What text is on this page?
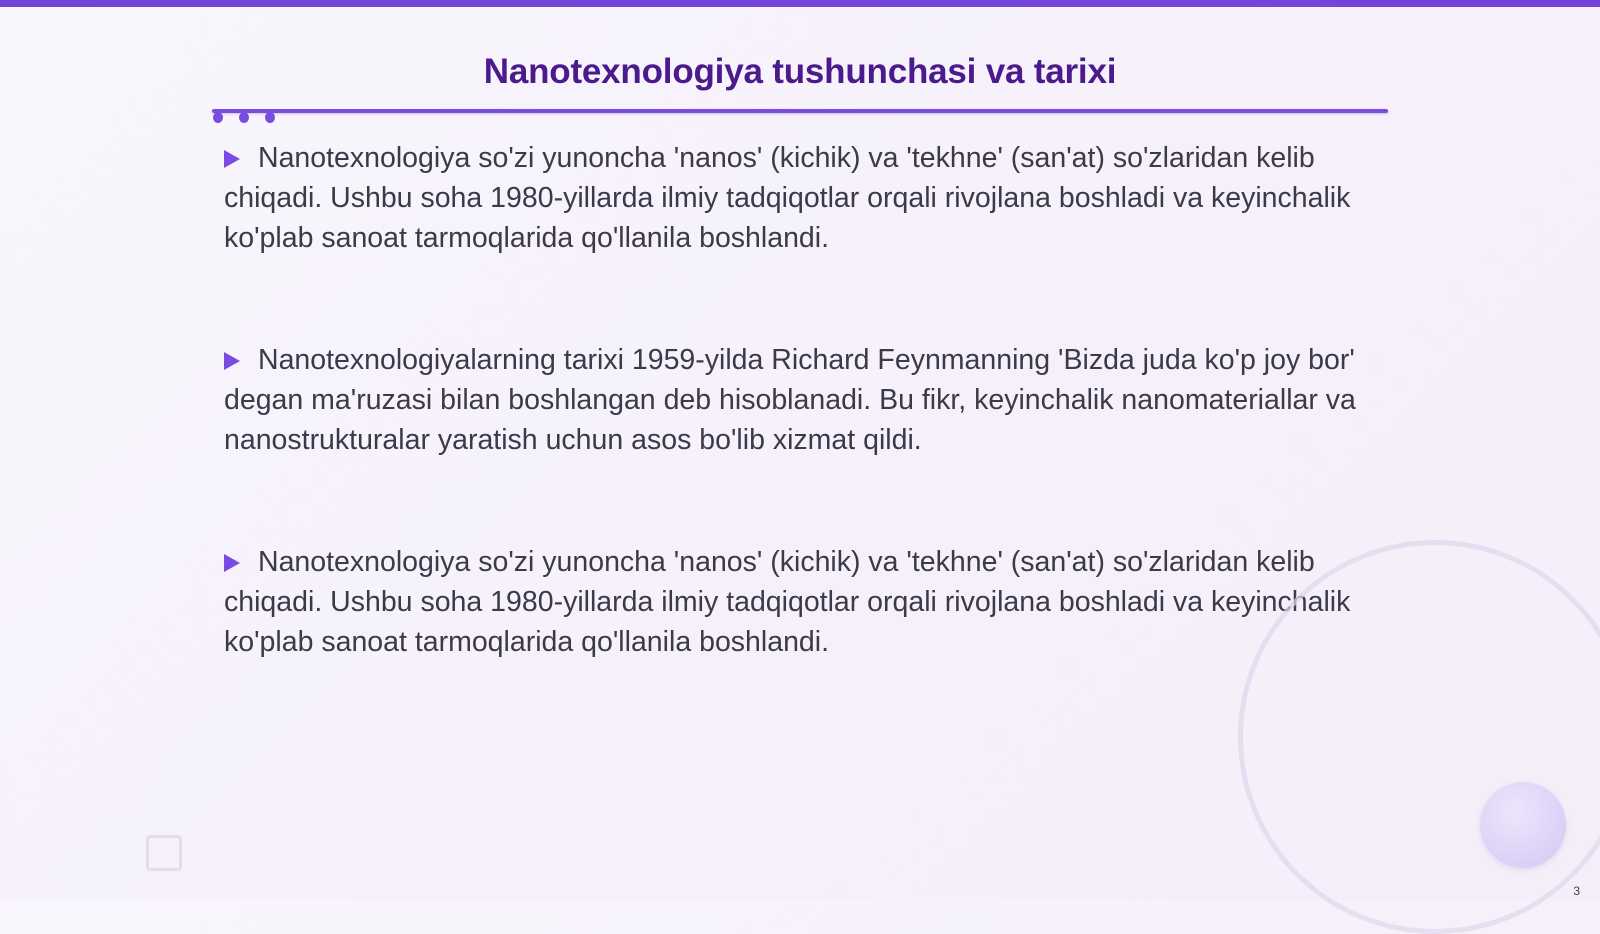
Nanotexnologiya tushunchasi va tarixi

Nanotexnologiya so'zi yunoncha 'nanos' (kichik) va 'tekhne' (san'at) so'zlaridan kelib chiqadi. Ushbu soha 1980-yillarda ilmiy tadqiqotlar orqali rivojlana boshladi va keyinchalik ko'plab sanoat tarmoqlarida qo'llanila boshlandi.

Nanotexnologiyalarning tarixi 1959-yilda Richard Feynmanning 'Bizda juda ko'p joy bor' degan ma'ruzasi bilan boshlangan deb hisoblanadi. Bu fikr, keyinchalik nanomateriallar va nanostrukturalar yaratish uchun asos bo'lib xizmat qildi.

Nanotexnologiya so'zi yunoncha 'nanos' (kichik) va 'tekhne' (san'at) so'zlaridan kelib chiqadi. Ushbu soha 1980-yillarda ilmiy tadqiqotlar orqali rivojlana boshladi va keyinchalik ko'plab sanoat tarmoqlarida qo'llanila boshlandi.

3
